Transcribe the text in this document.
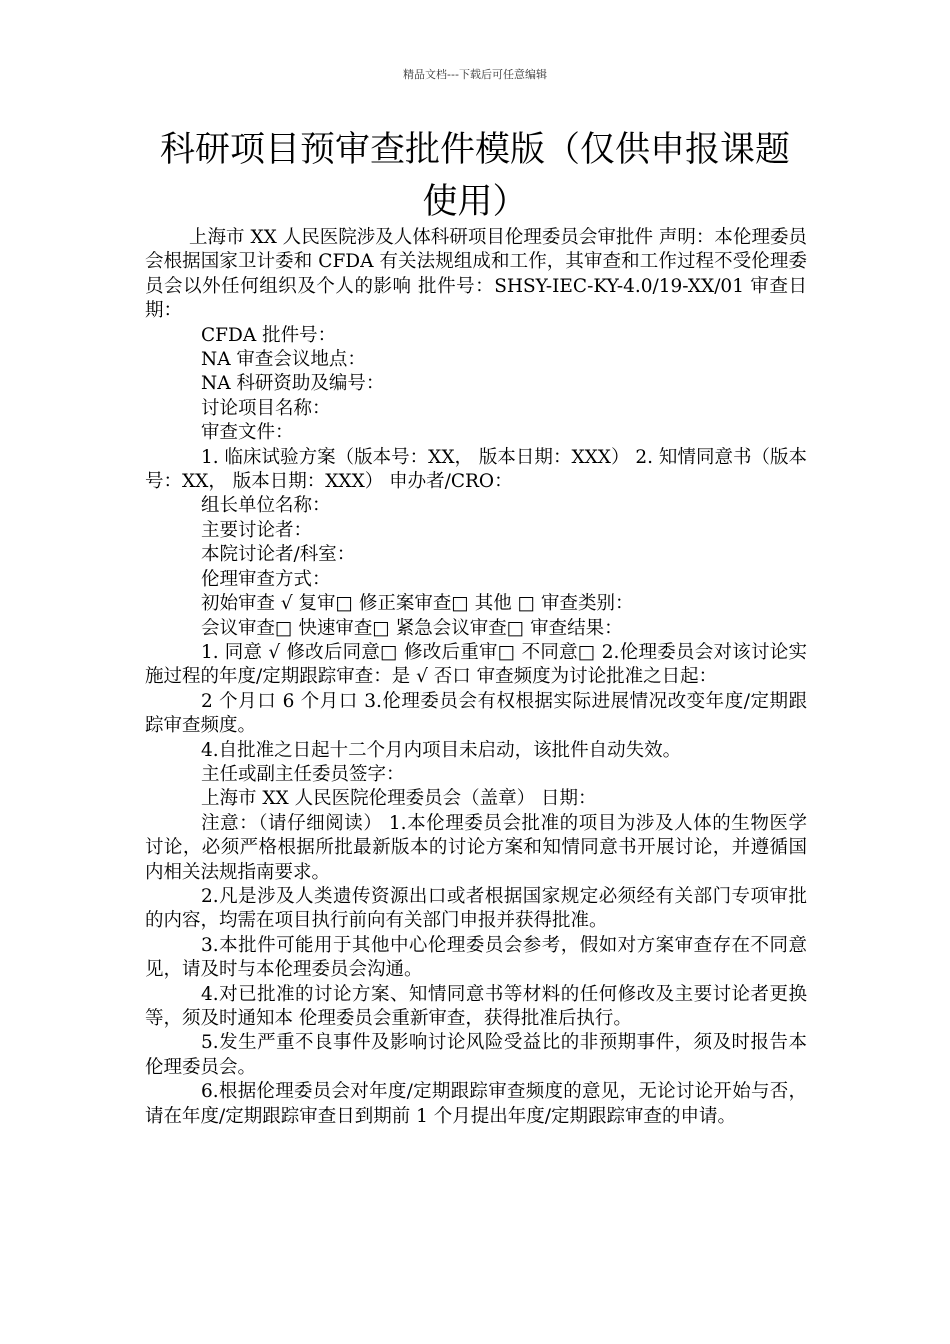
精品文档---下载后可任意编辑
科研项目预审查批件模版（仅供申报课题使用）

上海市 XX 人民医院涉及人体科研项目伦理委员会审批件 声明：本伦理委员会根据国家卫计委和 CFDA 有关法规组成和工作，其审查和工作过程不受伦理委员会以外任何组织及个人的影响 批件号：SHSY-IEC-KY-4.0/19-XX/01 审查日期：

CFDA 批件号：

NA 审查会议地点：

NA 科研资助及编号：

讨论项目名称：

审查文件：

1. 临床试验方案（版本号：XX， 版本日期：XXX） 2. 知情同意书（版本号：XX， 版本日期：XXX） 申办者/CRO：

组长单位名称：

主要讨论者：

本院讨论者/科室：

伦理审查方式：

初始审查 √ 复审□ 修正案审查□ 其他 □ 审查类别：

会议审查□ 快速审查□ 紧急会议审查□ 审查结果：

1. 同意 √ 修改后同意□ 修改后重审□ 不同意□ 2.伦理委员会对该讨论实施过程的年度/定期跟踪审查：是 √ 否口 审查频度为讨论批准之日起：

2 个月口 6 个月口 3.伦理委员会有权根据实际进展情况改变年度/定期跟踪审查频度。

4.自批准之日起十二个月内项目未启动，该批件自动失效。

主任或副主任委员签字：

上海市 XX 人民医院伦理委员会（盖章） 日期：

注意：（请仔细阅读） 1.本伦理委员会批准的项目为涉及人体的生物医学讨论，必须严格根据所批最新版本的讨论方案和知情同意书开展讨论，并遵循国内相关法规指南要求。

2.凡是涉及人类遗传资源出口或者根据国家规定必须经有关部门专项审批的内容，均需在项目执行前向有关部门申报并获得批准。

3.本批件可能用于其他中心伦理委员会参考，假如对方案审查存在不同意见，请及时与本伦理委员会沟通。

4.对已批准的讨论方案、知情同意书等材料的任何修改及主要讨论者更换等，须及时通知本 伦理委员会重新审查，获得批准后执行。

5.发生严重不良事件及影响讨论风险受益比的非预期事件，须及时报告本伦理委员会。

6.根据伦理委员会对年度/定期跟踪审查频度的意见，无论讨论开始与否，请在年度/定期跟踪审查日到期前 1 个月提出年度/定期跟踪审查的申请。
